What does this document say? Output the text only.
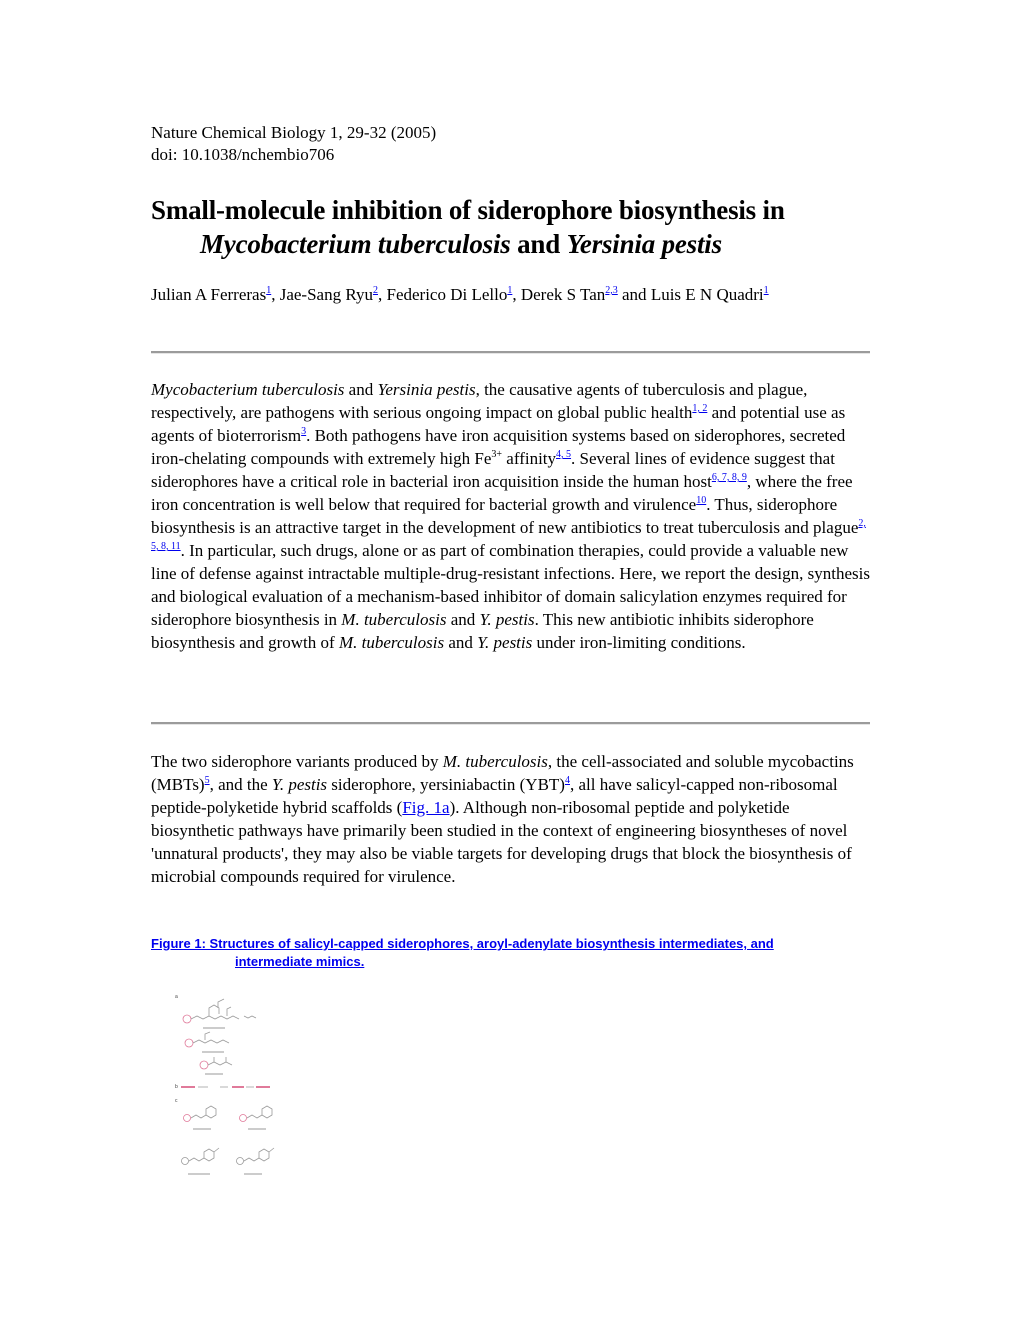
Nature Chemical Biology 1, 29-32 (2005)
doi: 10.1038/nchembio706
Small-molecule inhibition of siderophore biosynthesis in
Mycobacterium tuberculosis and Yersinia pestis
Julian A Ferreras$^1$, Jae-Sang Ryu$^2$, Federico Di Lello$^1$, Derek S Tan$^{2,3}$ and Luis E N Quadri$^1$
Mycobacterium tuberculosis and Yersinia pestis, the causative agents of tuberculosis and plague, respectively, are pathogens with serious ongoing impact on global public health$^{1, 2}$ and potential use as agents of bioterrorism$^3$. Both pathogens have iron acquisition systems based on siderophores, secreted iron-chelating compounds with extremely high $Fe^{3+}$ affinity$^{4, 5}$. Several lines of evidence suggest that siderophores have a critical role in bacterial iron acquisition inside the human host$^{6, 7, 8, 9}$, where the free iron concentration is well below that required for bacterial growth and virulence$^{10}$. Thus, siderophore biosynthesis is an attractive target in the development of new antibiotics to treat tuberculosis and plague$^{2, 5, 8, 11}$. In particular, such drugs, alone or as part of combination therapies, could provide a valuable new line of defense against intractable multiple-drug-resistant infections. Here, we report the design, synthesis and biological evaluation of a mechanism-based inhibitor of domain salicylation enzymes required for siderophore biosynthesis in M. tuberculosis and Y. pestis. This new antibiotic inhibits siderophore biosynthesis and growth of M. tuberculosis and Y. pestis under iron-limiting conditions.
The two siderophore variants produced by M. tuberculosis, the cell-associated and soluble mycobactins (MBTs)$^5$, and the Y. pestis siderophore, yersiniabactin (YBT)$^4$, all have salicyl-capped non-ribosomal peptide-polyketide hybrid scaffolds (Fig. 1a). Although non-ribosomal peptide and polyketide biosynthetic pathways have primarily been studied in the context of engineering biosyntheses of novel 'unnatural products', they may also be viable targets for developing drugs that block the biosynthesis of microbial compounds required for virulence.
Figure 1: Structures of salicyl-capped siderophores, aroyl-adenylate biosynthesis intermediates, and
intermediate mimics.
a
b
c
